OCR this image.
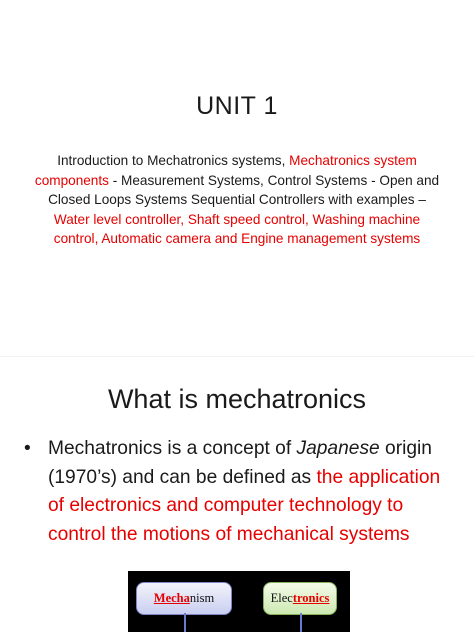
UNIT 1
Introduction to Mechatronics systems, Mechatronics system components - Measurement Systems, Control Systems - Open and Closed Loops Systems Sequential Controllers with examples – Water level controller, Shaft speed control, Washing machine control, Automatic camera and Engine management systems
What is mechatronics
• Mechatronics is a concept of Japanese origin (1970’s) and can be defined as the application of electronics and computer technology to control the motions of mechanical systems
Mechanism	Electronics
